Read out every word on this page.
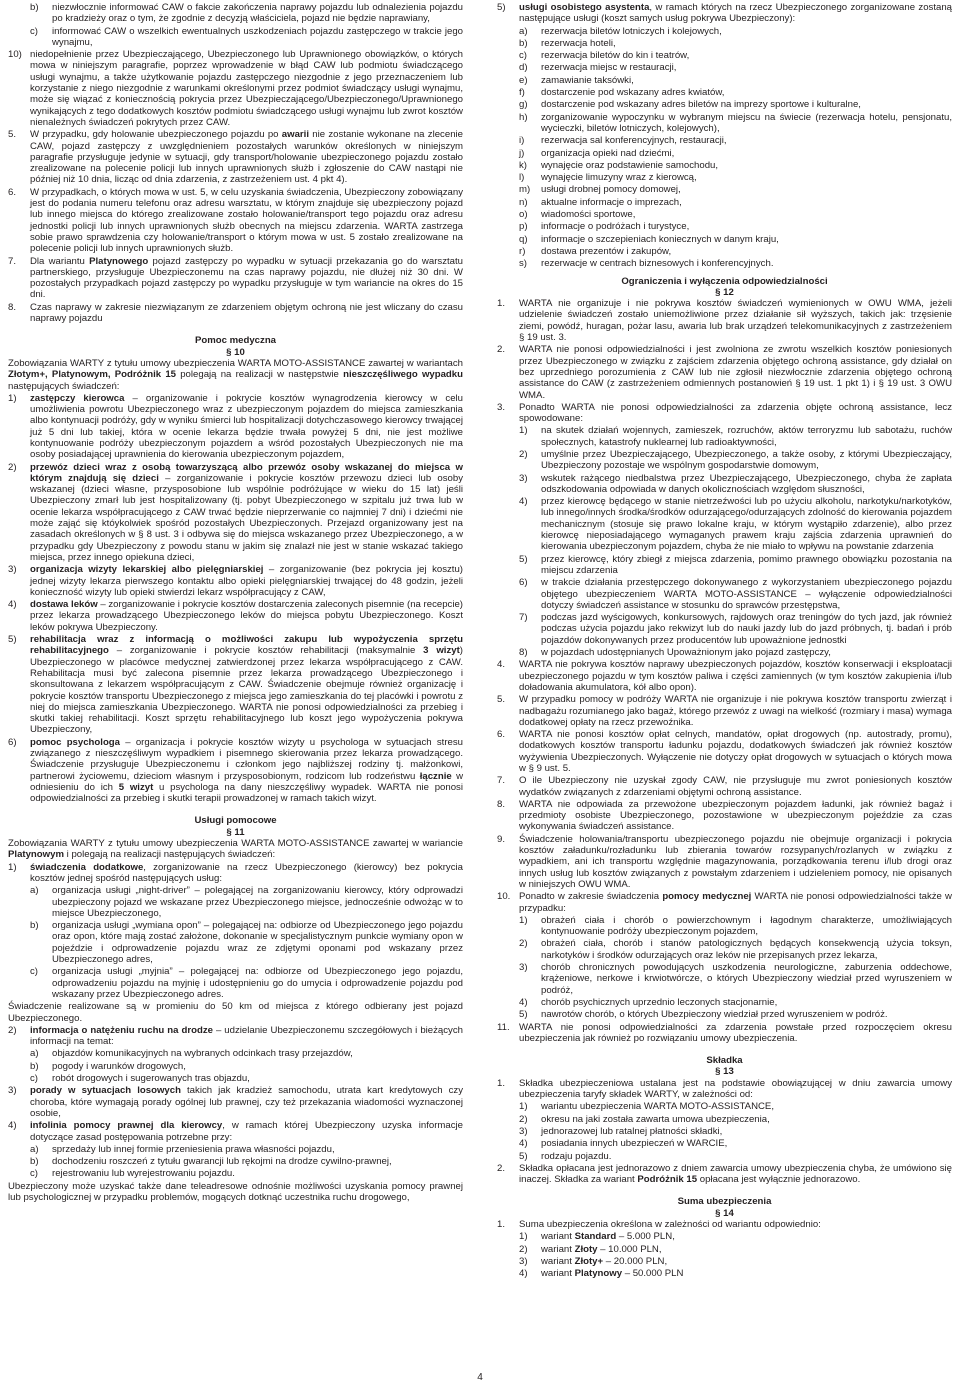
b) niezwłocznie informować CAW o fakcie zakończenia naprawy pojazdu lub odnalezienia pojazdu po kradzieży oraz o tym, że zgodnie z decyzją właściciela, pojazd nie będzie naprawiany,
c) informować CAW o wszelkich ewentualnych uszkodzeniach pojazdu zastępczego w trakcie jego wynajmu,
10) niedopełnienie przez Ubezpieczającego, Ubezpieczonego lub Uprawnionego obowiązków, o których mowa w niniejszym paragrafie, poprzez wprowadzenie w błąd CAW lub podmiotu świadczącego usługi wynajmu, a także użytkowanie pojazdu zastępczego niezgodnie z jego przeznaczeniem lub korzystanie z niego niezgodnie z warunkami określonymi przez podmiot świadczący usługi wynajmu, może się wiązać z koniecznością pokrycia przez Ubezpieczającego/Ubezpieczonego/Uprawnionego wynikających z tego dodatkowych kosztów podmiotu świadczącego usługi wynajmu lub zwrot kosztów nienależnych świadczeń pokrytych przez CAW.
5. W przypadku, gdy holowanie ubezpieczonego pojazdu po awarii nie zostanie wykonane na zlecenie CAW, pojazd zastępczy z uwzględnieniem pozostałych warunków określonych w niniejszym paragrafie przysługuje jedynie w sytuacji, gdy transport/holowanie ubezpieczonego pojazdu zostało zrealizowane na polecenie policji lub innych uprawnionych służb i zgłoszenie do CAW nastąpi nie później niż 10 dnia, licząc od dnia zdarzenia, z zastrzeżeniem ust. 4 pkt 4).
6. W przypadkach, o których mowa w ust. 5, w celu uzyskania świadczenia, Ubezpieczony zobowiązany jest do podania numeru telefonu oraz adresu warsztatu, w którym znajduje się ubezpieczony pojazd lub innego miejsca do którego zrealizowane zostało holowanie/transport tego pojazdu oraz adresu jednostki policji lub innych uprawnionych służb obecnych na miejscu zdarzenia. WARTA zastrzega sobie prawo sprawdzenia czy holowanie/transport o którym mowa w ust. 5 zostało zrealizowane na polecenie policji lub innych uprawnionych służb.
7. Dla wariantu Platynowego pojazd zastępczy po wypadku w sytuacji przekazania go do warsztatu partnerskiego, przysługuje Ubezpieczonemu na czas naprawy pojazdu, nie dłużej niż 30 dni. W pozostałych przypadkach pojazd zastępczy po wypadku przysługuje w tym wariancie na okres do 15 dni.
8. Czas naprawy w zakresie niezwiązanym ze zdarzeniem objętym ochroną nie jest wliczany do czasu naprawy pojazdu

Pomoc medyczna

§ 10

Zobowiązania WARTY z tytułu umowy ubezpieczenia WARTA MOTO-ASSISTANCE zawartej w wariantach Złotym+, Platynowym, Podróżnik 15 polegają na realizacji w następstwie nieszczęśliwego wypadku następujących świadczeń:

1) zastępczy kierowca – organizowanie i pokrycie kosztów wynagrodzenia kierowcy w celu umożliwienia powrotu Ubezpieczonego wraz z ubezpieczonym pojazdem do miejsca zamieszkania albo kontynuacji podróży, gdy w wyniku śmierci lub hospitalizacji dotychczasowego kierowcy trwającej już 5 dni lub takiej, która w ocenie lekarza będzie trwała powyżej 5 dni, nie jest możliwe kontynuowanie podróży ubezpieczonym pojazdem a wśród pozostałych Ubezpieczonych nie ma osoby posiadającej uprawnienia do kierowania ubezpieczonym pojazdem,
2) przewóz dzieci wraz z osobą towarzyszącą albo przewóz osoby wskazanej do miejsca w którym znajdują się dzieci – zorganizowanie i pokrycie kosztów przewozu dzieci lub osoby wskazanej (dzieci własne, przysposobione lub wspólnie podróżujące w wieku do 15 lat) jeśli Ubezpieczony zmarł lub jest hospitalizowany (tj. pobyt Ubezpieczonego w szpitalu już trwa lub w ocenie lekarza współpracującego z CAW trwać będzie nieprzerwanie co najmniej 7 dni) i dziećmi nie może zająć się któykolwiek spośród pozostałych Ubezpieczonych. Przejazd organizowany jest na zasadach określonych w § 8 ust. 3 i odbywa się do miejsca wskazanego przez Ubezpieczonego, a w przypadku gdy Ubezpieczony z powodu stanu w jakim się znalazł nie jest w stanie wskazać takiego miejsca, przez innego opiekuna dzieci,
3) organizacja wizyty lekarskiej albo pielęgniarskiej – zorganizowanie (bez pokrycia jej kosztu) jednej wizyty lekarza pierwszego kontaktu albo opieki pielęgniarskiej trwającej do 48 godzin, jeżeli konieczność wizyty lub opieki stwierdzi lekarz współpracujący z CAW,
4) dostawa leków – zorganizowanie i pokrycie kosztów dostarczenia zaleconych pisemnie (na recepcie) przez lekarza prowadzącego Ubezpieczonego leków do miejsca pobytu Ubezpieczonego. Koszt leków pokrywa Ubezpieczony.
5) rehabilitacja wraz z informacją o możliwości zakupu lub wypożyczenia sprzętu rehabilitacyjnego – zorganizowanie i pokrycie kosztów rehabilitacji (maksymalnie 3 wizyt) Ubezpieczonego w placówce medycznej zatwierdzonej przez lekarza współpracującego z CAW. Rehabilitacja musi być zalecona pisemnie przez lekarza prowadzącego Ubezpieczonego i skonsultowana z lekarzem współpracującym z CAW. Świadczenie obejmuje również organizację i pokrycie kosztów transportu Ubezpieczonego z miejsca jego zamieszkania do tej placówki i powrotu z niej do miejsca zamieszkania Ubezpieczonego. WARTA nie ponosi odpowiedzialności za przebieg i skutki takiej rehabilitacji. Koszt sprzętu rehabilitacyjnego lub koszt jego wypożyczenia pokrywa Ubezpieczony,
6) pomoc psychologa – organizacja i pokrycie kosztów wizyty u psychologa w sytuacjach stresu związanego z nieszczęśliwym wypadkiem i pisemnego skierowania przez lekarza prowadzącego. Świadczenie przysługuje Ubezpieczonemu i członkom jego najbliższej rodziny tj. małżonkowi, partnerowi życiowemu, dzieciom własnym i przysposobionym, rodzicom lub rodzeństwu łącznie w odniesieniu do ich 5 wizyt u psychologa na dany nieszczęśliwy wypadek. WARTA nie ponosi odpowiedzialności za przebieg i skutki terapii prowadzonej w ramach takich wizyt.

Usługi pomocowe

§ 11

Zobowiązania WARTY z tytułu umowy ubezpieczenia WARTA MOTO-ASSISTANCE zawartej w wariancie Platynowym i polegają na realizacji następujących świadczeń:

1) świadczenia dodatkowe, zorganizowanie na rzecz Ubezpieczonego (kierowcy) bez pokrycia kosztów jednej spośród następujących usług:
a) organizacja usługi „night-driver” – polegającej na zorganizowaniu kierowcy, który odprowadzi ubezpieczony pojazd we wskazane przez Ubezpieczonego miejsce, jednocześnie odwożąc w to miejsce Ubezpieczonego,
b) organizacja usługi „wymiana opon” – polegającej na: odbiorze od Ubezpieczonego jego pojazdu oraz opon, które mają zostać założone, dokonanie w specjalistycznym punkcie wymiany opon w pojeździe i odprowadzenie pojazdu wraz ze zdjętymi oponami pod wskazany przez Ubezpieczonego adres,
c) organizacja usługi „myjnia” – polegającej na: odbiorze od Ubezpieczonego jego pojazdu, odprowadzeniu pojazdu na myjnię i udostępnieniu go do umycia i odprowadzenie pojazdu pod wskazany przez Ubezpieczonego adres.

Świadczenie realizowane są w promieniu do 50 km od miejsca z którego odbierany jest pojazd Ubezpieczonego.

2) informacja o natężeniu ruchu na drodze – udzielanie Ubezpieczonemu szczegółowych i bieżących informacji na temat:
a) objazdów komunikacyjnych na wybranych odcinkach trasy przejazdów,
b) pogody i warunków drogowych,
c) robót drogowych i sugerowanych tras objazdu,
3) porady w sytuacjach losowych takich jak kradzież samochodu, utrata kart kredytowych czy choroba, które wymagają porady ogólnej lub prawnej, czy też przekazania wiadomości wyznaczonej osobie,
4) infolinia pomocy prawnej dla kierowcy, w ramach której Ubezpieczony uzyska informacje dotyczące zasad postępowania potrzebne przy:
a) sprzedaży lub innej formie przeniesienia prawa własności pojazdu,
b) dochodzeniu roszczeń z tytułu gwarancji lub rękojmi na drodze cywilno-prawnej,
c) rejestrowaniu lub wyrejestrowaniu pojazdu.

Ubezpieczony może uzyskać także dane teleadresowe odnośnie możliwości uzyskania pomocy prawnej lub psychologicznej w przypadku problemów, mogących dotknąć uczestnika ruchu drogowego,

5) usługi osobistego asystenta, w ramach których na rzecz Ubezpieczonego zorganizowane zostaną następujące usługi (koszt samych usług pokrywa Ubezpieczony):
a) rezerwacja biletów lotniczych i kolejowych,
b) rezerwacja hoteli,
c) rezerwacja biletów do kin i teatrów,
d) rezerwacja miejsc w restauracji,
e) zamawianie taksówki,
f) dostarczenie pod wskazany adres kwiatów,
g) dostarczenie pod wskazany adres biletów na imprezy sportowe i kulturalne,
h) zorganizowanie wypoczynku w wybranym miejscu na świecie (rezerwacja hotelu, pensjonatu, wycieczki, biletów lotniczych, kolejowych),
i) rezerwacja sal konferencyjnych, restauracji,
j) organizacja opieki nad dziećmi,
k) wynajęcie oraz podstawienie samochodu,
l) wynajęcie limuzyny wraz z kierowcą,
m) usługi drobnej pomocy domowej,
n) aktualne informacje o imprezach,
o) wiadomości sportowe,
p) informacje o podróżach i turystyce,
q) informacje o szczepieniach koniecznych w danym kraju,
r) dostawa prezentów i zakupów,
s) rezerwacje w centrach biznesowych i konferencyjnych.

Ograniczenia i wyłączenia odpowiedzialności

§ 12

1. WARTA nie organizuje i nie pokrywa kosztów świadczeń wymienionych w OWU WMA, jeżeli udzielenie świadczeń zostało uniemożliwione przez działanie sił wyższych, takich jak: trzęsienie ziemi, powódź, huragan, pożar lasu, awaria lub brak urządzeń telekomunikacyjnych z zastrzeżeniem § 19 ust. 3.
2. WARTA nie ponosi odpowiedzialności i jest zwolniona ze zwrotu wszelkich kosztów poniesionych przez Ubezpieczonego w związku z zajściem zdarzenia objętego ochroną assistance, gdy działał on bez uprzedniego porozumienia z CAW lub nie zgłosił niezwłocznie zdarzenia objętego ochroną assistance do CAW (z zastrzeżeniem odmiennych postanowień § 19 ust. 1 pkt 1) i § 19 ust. 3 OWU WMA.
3. Ponadto WARTA nie ponosi odpowiedzialności za zdarzenia objęte ochroną assistance, lecz spowodowane:
1) na skutek działań wojennych, zamieszek, rozruchów, aktów terroryzmu lub sabotażu, ruchów społecznych, katastrofy nuklearnej lub radioaktywności,
2) umyślnie przez Ubezpieczającego, Ubezpieczonego, a także osoby, z którymi Ubezpieczający, Ubezpieczony pozostaje we wspólnym gospodarstwie domowym,
3) wskutek rażącego niedbalstwa przez Ubezpieczającego, Ubezpieczonego, chyba że zapłata odszkodowania odpowiada w danych okolicznościach względom słuszności,
4) przez kierowcę będącego w stanie nietrzeźwości lub po użyciu alkoholu, narkotyku/narkotyków, lub innego/innych środka/środków odurzającego/odurzających zdolność do kierowania pojazdem mechanicznym (stosuje się prawo lokalne kraju, w którym wystąpiło zdarzenie), albo przez kierowcę nieposiadającego wymaganych prawem kraju zajścia zdarzenia uprawnień do kierowania ubezpieczonym pojazdem, chyba że nie miało to wpływu na powstanie zdarzenia
5) przez kierowcę, który zbiegł z miejsca zdarzenia, pomimo prawnego obowiązku pozostania na miejscu zdarzenia
6) w trakcie działania przestępczego dokonywanego z wykorzystaniem ubezpieczonego pojazdu objętego ubezpieczeniem WARTA MOTO-ASSISTANCE – wyłączenie odpowiedzialności dotyczy świadczeń assistance w stosunku do sprawców przestępstwa,
7) podczas jazd wyścigowych, konkursowych, rajdowych oraz treningów do tych jazd, jak również podczas użycia pojazdu jako rekwizyt lub do nauki jazdy lub do jazd próbnych, tj. badań i prób pojazdów dokonywanych przez producentów lub upoważnione jednostki
8) w pojazdach udostępnianych Upoważnionym jako pojazd zastępczy,
4. WARTA nie pokrywa kosztów naprawy ubezpieczonych pojazdów, kosztów konserwacji i eksploatacji ubezpieczonego pojazdu w tym kosztów paliwa i części zamiennych (w tym kosztów zakupienia i/lub doładowania akumulatora, kół albo opon).
5. W przypadku pomocy w podróży WARTA nie organizuje i nie pokrywa kosztów transportu zwierząt i nadbagażu rozumianego jako bagaż, którego przewóz z uwagi na wielkość (rozmiary i masa) wymaga dodatkowej opłaty na rzecz przewoźnika.
6. WARTA nie ponosi kosztów opłat celnych, mandatów, opłat drogowych (np. autostrady, promu), dodatkowych kosztów transportu ładunku pojazdu, dodatkowych świadczeń jak również kosztów wyżywienia Ubezpieczonych. Wyłączenie nie dotyczy opłat drogowych w sytuacjach o których mowa w § 9 ust. 5.
7. O ile Ubezpieczony nie uzyskał zgody CAW, nie przysługuje mu zwrot poniesionych kosztów wydatków związanych z zdarzeniami objętymi ochroną assistance.
8. WARTA nie odpowiada za przewożone ubezpieczonym pojazdem ładunki, jak również bagaż i przedmioty osobiste Ubezpieczonego, pozostawione w ubezpieczonym pojeździe za czas wykonywania świadczeń assistance.
9. Świadczenie holowania/transportu ubezpieczonego pojazdu nie obejmuje organizacji i pokrycia kosztów załadunku/rozładunku lub zbierania towarów rozsypanych/rozlanych w związku z wypadkiem, ani ich transportu względnie magazynowania, porządkowania terenu i/lub drogi oraz innych usług lub kosztów związanych z powstałym zdarzeniem i udzieleniem pomocy, nie opisanych w niniejszych OWU WMA.
10. Ponadto w zakresie świadczenia pomocy medycznej WARTA nie ponosi odpowiedzialności także w przypadku:
1) obrażeń ciała i chorób o powierzchownym i łagodnym charakterze, umożliwiających kontynuowanie podróży ubezpieczonym pojazdem,
2) obrażeń ciała, chorób i stanów patologicznych będących konsekwencją użycia toksyn, narkotyków i środków odurzających oraz leków nie przepisanych przez lekarza,
3) chorób chronicznych powodujących uszkodzenia neurologiczne, zaburzenia oddechowe, krążeniowe, nerkowe i krwiotwórcze, o których Ubezpieczony wiedział przed wyruszeniem w podróż,
4) chorób psychicznych uprzednio leczonych stacjonarnie,
5) nawrotów chorób, o których Ubezpieczony wiedział przed wyruszeniem w podróż.
11. WARTA nie ponosi odpowiedzialności za zdarzenia powstałe przed rozpoczęciem okresu ubezpieczenia jak również po rozwiązaniu umowy ubezpieczenia.

Składka

§ 13

1. Składka ubezpieczeniowa ustalana jest na podstawie obowiązującej w dniu zawarcia umowy ubezpieczenia taryfy składek WARTY, w zależności od:
1) wariantu ubezpieczenia WARTA MOTO-ASSISTANCE,
2) okresu na jaki została zawarta umowa ubezpieczenia,
3) jednorazowej lub ratalnej płatności składki,
4) posiadania innych ubezpieczeń w WARCIE,
5) rodzaju pojazdu.
2. Składka opłacana jest jednorazowo z dniem zawarcia umowy ubezpieczenia chyba, że umówiono się inaczej. Składka za wariant Podróżnik 15 opłacana jest wyłącznie jednorazowo.

Suma ubezpieczenia

§ 14

1. Suma ubezpieczenia określona w zależności od wariantu odpowiednio:
1) wariant Standard – 5.000 PLN,
2) wariant Złoty – 10.000 PLN,
3) wariant Złoty+ – 20.000 PLN,
4) wariant Platynowy – 50.000 PLN
4
